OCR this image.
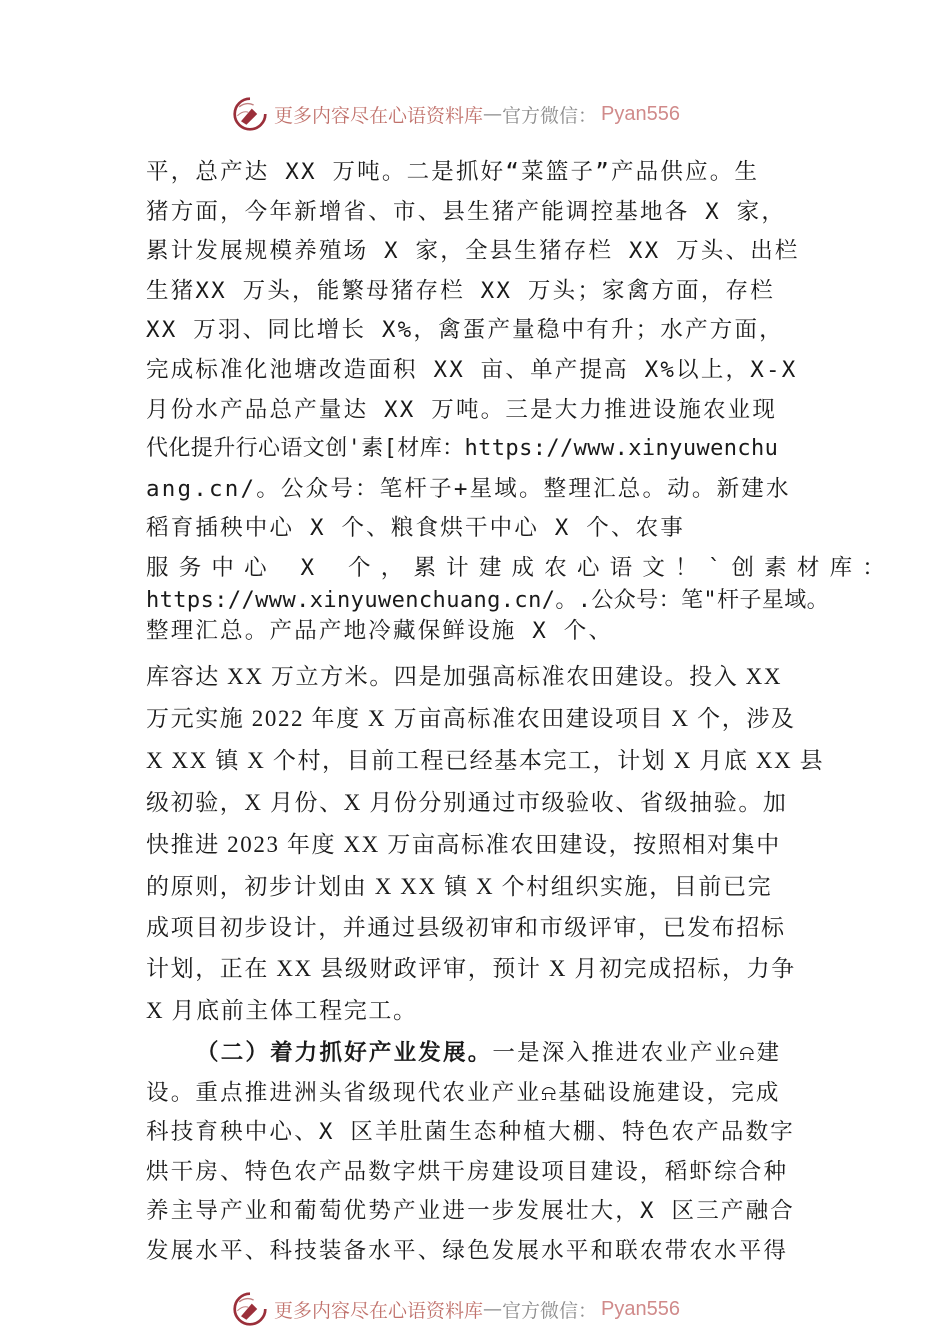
更多内容尽在心语资料库 — 官方微信： Pyan556
平，总产达 XX 万吨。二是抓好“菜篮子”产品供应。生
猪方面，今年新增省、市、县生猪产能调控基地各 X 家，
累计发展规模养殖场 X 家，全县生猪存栏 XX 万头、出栏
生猪XX 万头，能繁母猪存栏 XX 万头；家禽方面，存栏
XX 万羽、同比增长 X%，禽蛋产量稳中有升；水产方面，
完成标准化池塘改造面积 XX 亩、单产提高 X%以上，X-X
月份水产品总产量达 XX 万吨。三是大力推进设施农业现
代化提升行心语文创'素[材库：https://www.xinyuwenchu
ang.cn/。公众号：笔杆子+星域。整理汇总。动。新建水
稻育插秧中心 X 个、粮食烘干中心 X 个、农事
服务中心 X 个，累计建成农心语文！`创素材库：
https://www.xinyuwenchuang.cn/。.公众号：笔"杆子星域。
整理汇总。产品产地冷藏保鲜设施 X 个、
库容达 XX 万立方米。四是加强高标准农田建设。投入 XX
万元实施 2022 年度 X 万亩高标准农田建设项目 X 个，涉及
X XX 镇 X 个村，目前工程已经基本完工，计划 X 月底 XX 县
级初验，X 月份、X 月份分别通过市级验收、省级抽验。加
快推进 2023 年度 XX 万亩高标准农田建设，按照相对集中
的原则，初步计划由 X XX 镇 X 个村组织实施，目前已完
成项目初步设计，并通过县级初审和市级评审，已发布招标
计划，正在 XX 县级财政评审，预计 X 月初完成招标，力争
X 月底前主体工程完工。
（二）着力抓好产业发展。一是深入推进农业产业⍾建
设。重点推进洲头省级现代农业产业⍾基础设施建设，完成
科技育秧中心、X 区羊肚菌生态种植大棚、特色农产品数字
烘干房、特色农产品数字烘干房建设项目建设，稻虾综合种
养主导产业和葡萄优势产业进一步发展壮大，X 区三产融合
发展水平、科技装备水平、绿色发展水平和联农带农水平得
更多内容尽在心语资料库 — 官方微信： Pyan556
